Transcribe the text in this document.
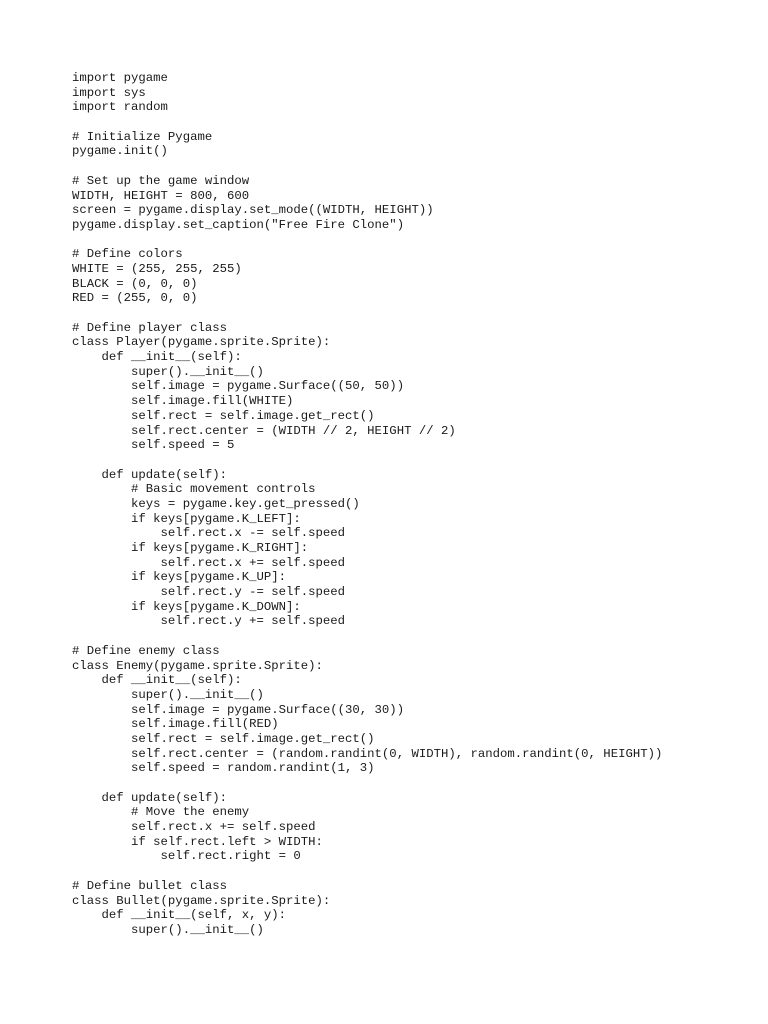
import pygame
import sys
import random
# Initialize Pygame
pygame.init()
# Set up the game window
WIDTH, HEIGHT = 800, 600
screen = pygame.display.set_mode((WIDTH, HEIGHT))
pygame.display.set_caption("Free Fire Clone")
# Define colors
WHITE = (255, 255, 255)
BLACK = (0, 0, 0)
RED = (255, 0, 0)
# Define player class
class Player(pygame.sprite.Sprite):
def __init__(self):
super().__init__()
self.image = pygame.Surface((50, 50))
self.image.fill(WHITE)
self.rect = self.image.get_rect()
self.rect.center = (WIDTH // 2, HEIGHT // 2)
self.speed = 5
def update(self):
# Basic movement controls
keys = pygame.key.get_pressed()
if keys[pygame.K_LEFT]:
self.rect.x -= self.speed
if keys[pygame.K_RIGHT]:
self.rect.x += self.speed
if keys[pygame.K_UP]:
self.rect.y -= self.speed
if keys[pygame.K_DOWN]:
self.rect.y += self.speed
# Define enemy class
class Enemy(pygame.sprite.Sprite):
def __init__(self):
super().__init__()
self.image = pygame.Surface((30, 30))
self.image.fill(RED)
self.rect = self.image.get_rect()
self.rect.center = (random.randint(0, WIDTH), random.randint(0, HEIGHT))
self.speed = random.randint(1, 3)
def update(self):
# Move the enemy
self.rect.x += self.speed
if self.rect.left > WIDTH:
self.rect.right = 0
# Define bullet class
class Bullet(pygame.sprite.Sprite):
def __init__(self, x, y):
super().__init__()
